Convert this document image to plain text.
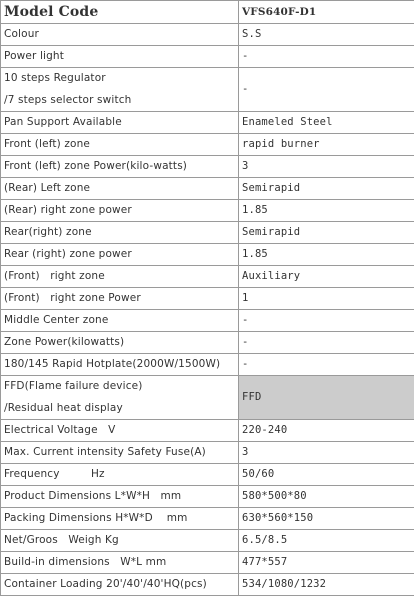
Model Code	VFS640F-D1
Colour	S.S
Power light	-

10 steps Regulator
/7 steps selector switch	-
Pan Support Available	Enameled Steel
Front (left) zone	rapid burner
Front (left) zone Power(kilo-watts)	3
(Rear) Left zone	Semirapid
(Rear) right zone power	1.85
Rear(right) zone	Semirapid
Rear (right) zone power	1.85
(Front)   right zone	Auxiliary
(Front)   right zone Power	1
Middle Center zone	-
Zone Power(kilowatts)	-
180/145 Rapid Hotplate(2000W/1500W)	-

FFD(Flame failure device)
/Residual heat display	FFD
Electrical Voltage   V	220-240
Max. Current intensity Safety Fuse(A)	3
Frequency         Hz	50/60
Product Dimensions L*W*H   mm	580*500*80
Packing Dimensions H*W*D    mm	630*560*150
Net/Groos   Weigh Kg	6.5/8.5
Build-in dimensions   W*L mm	477*557
Container Loading 20'/40'/40'HQ(pcs)	534/1080/1232
